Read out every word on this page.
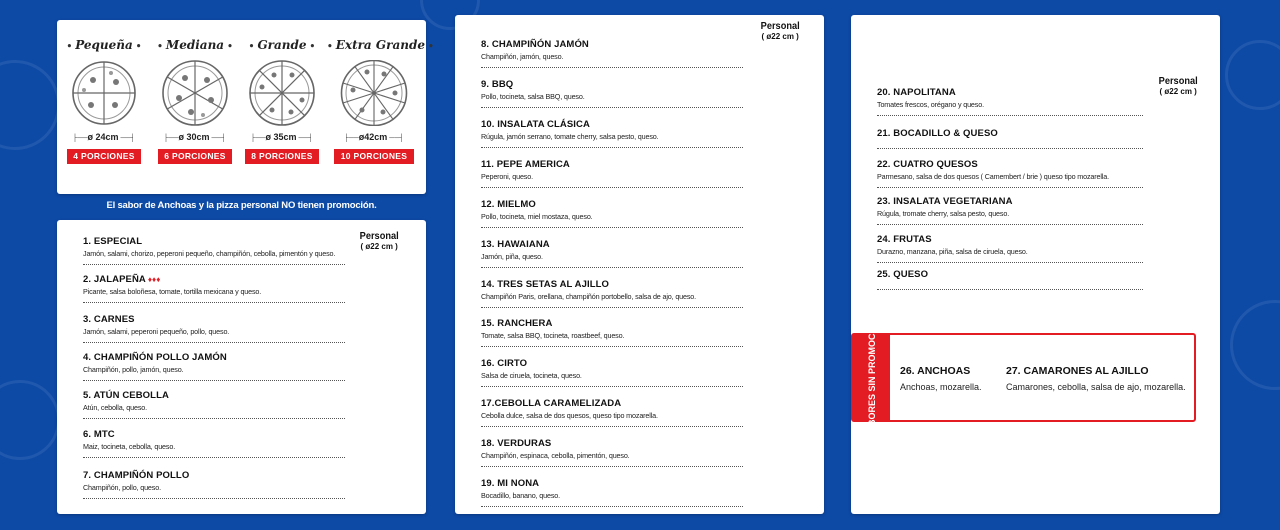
• Pequeña •
├── ø 24cm ──┤
4 PORCIONES
• Mediana •
├── ø 30cm ──┤
6 PORCIONES
• Grande •
├── ø 35cm ──┤
8 PORCIONES
• Extra Grande •
├── ø42cm ──┤
10 PORCIONES
El sabor de Anchoas y la pizza personal NO tienen promoción.
Personal
( ø22 cm )
1. ESPECIAL
Jamón, salami, chorizo, peperoni pequeño, champiñón, cebolla, pimentón y queso.
2. JALAPEÑA ♦♦♦
Picante, salsa boloñesa, tomate, tortilla mexicana y queso.
3. CARNES
Jamón, salami, peperoni pequeño, pollo, queso.
4. CHAMPIÑÓN POLLO JAMÓN
Champiñón, pollo, jamón, queso.
5. ATÚN CEBOLLA
Atún, cebolla, queso.
6. MTC
Maiz, tocineta, cebolla, queso.
7. CHAMPIÑÓN POLLO
Champiñón, pollo, queso.
Personal
( ø22 cm )
8. CHAMPIÑÓN JAMÓN
Champiñón, jamón, queso.
9. BBQ
Pollo, tocineta, salsa BBQ, queso.
10. INSALATA CLÁSICA
Rúgula, jamón serrano, tomate cherry, salsa pesto, queso.
11. PEPE AMERICA
Peperoni, queso.
12. MIELMO
Pollo, tocineta, miel mostaza, queso.
13. HAWAIANA
Jamón, piña, queso.
14. TRES SETAS AL AJILLO
Champiñón Paris, orellana, champiñón portobello, salsa de ajo, queso.
15. RANCHERA
Tomate, salsa BBQ, tocineta, roastbeef, queso.
16. CIRTO
Salsa de ciruela, tocineta, queso.
17.CEBOLLA CARAMELIZADA
Cebolla dulce, salsa de dos quesos, queso tipo mozarella.
18. VERDURAS
Champiñón, espinaca, cebolla, pimentón, queso.
19. MI NONA
Bocadillo, banano, queso.
Personal
( ø22 cm )
20. NAPOLITANA
Tomates frescos, orégano y queso.
21. BOCADILLO & QUESO
22. CUATRO QUESOS
Parmesano, salsa de dos quesos ( Camembert / brie ) queso tipo mozarella.
23. INSALATA VEGETARIANA
Rúgula, tromate cherry, salsa pesto, queso.
24. FRUTAS
Durazno, manzana, piña, salsa de ciruela, queso.
25. QUESO
SABORES SIN PROMOCIÓN 26. ANCHOAS
Anchoas, mozarella.
27. CAMARONES AL AJILLO
Camarones, cebolla, salsa de ajo, mozarella.
